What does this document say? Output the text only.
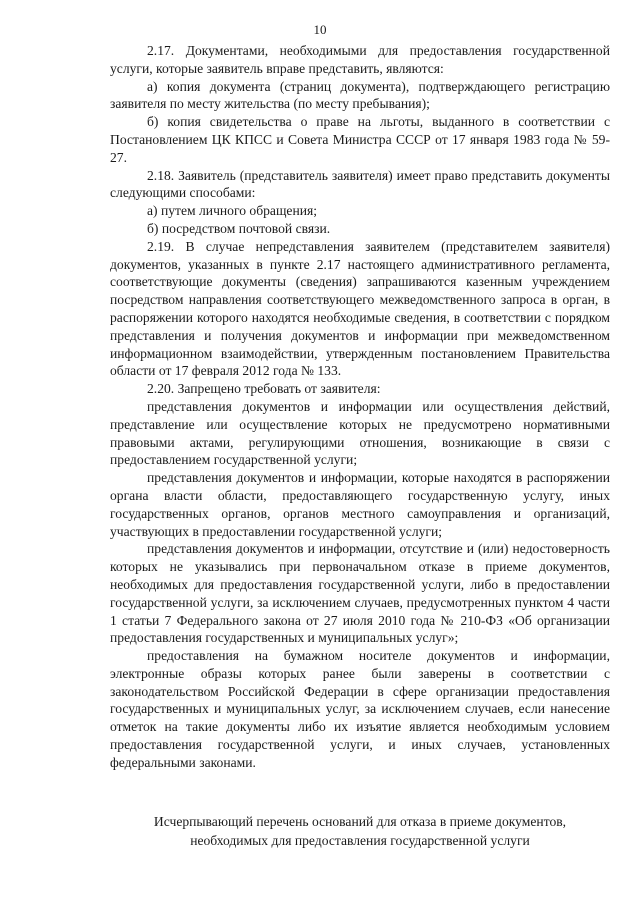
10

2.17. Документами, необходимыми для предоставления государственной услуги, которые заявитель вправе представить, являются:

а) копия документа (страниц документа), подтверждающего регистрацию заявителя по месту жительства (по месту пребывания);

б) копия свидетельства о праве на льготы, выданного в соответствии с Постановлением ЦК КПСС и Совета Министра СССР от 17 января 1983 года № 59-27.

2.18. Заявитель (представитель заявителя) имеет право представить документы следующими способами:

а) путем личного обращения;

б) посредством почтовой связи.

2.19. В случае непредставления заявителем (представителем заявителя) документов, указанных в пункте 2.17 настоящего административного регламента, соответствующие документы (сведения) запрашиваются казенным учреждением посредством направления соответствующего межведомственного запроса в орган, в распоряжении которого находятся необходимые сведения, в соответствии с порядком представления и получения документов и информации при межведомственном информационном взаимодействии, утвержденным постановлением Правительства области от 17 февраля 2012 года № 133.

2.20. Запрещено требовать от заявителя:

представления документов и информации или осуществления действий, представление или осуществление которых не предусмотрено нормативными правовыми актами, регулирующими отношения, возникающие в связи с предоставлением государственной услуги;

представления документов и информации, которые находятся в распоряжении органа власти области, предоставляющего государственную услугу, иных государственных органов, органов местного самоуправления и организаций, участвующих в предоставлении государственной услуги;

представления документов и информации, отсутствие и (или) недостоверность которых не указывались при первоначальном отказе в приеме документов, необходимых для предоставления государственной услуги, либо в предоставлении государственной услуги, за исключением случаев, предусмотренных пунктом 4 части 1 статьи 7 Федерального закона от 27 июля 2010 года № 210-ФЗ «Об организации предоставления государственных и муниципальных услуг»;

предоставления на бумажном носителе документов и информации, электронные образы которых ранее были заверены в соответствии с законодательством Российской Федерации в сфере организации предоставления государственных и муниципальных услуг, за исключением случаев, если нанесение отметок на такие документы либо их изъятие является необходимым условием предоставления государственной услуги, и иных случаев, установленных федеральными законами.

Исчерпывающий перечень оснований для отказа в приеме документов,
необходимых для предоставления государственной услуги
